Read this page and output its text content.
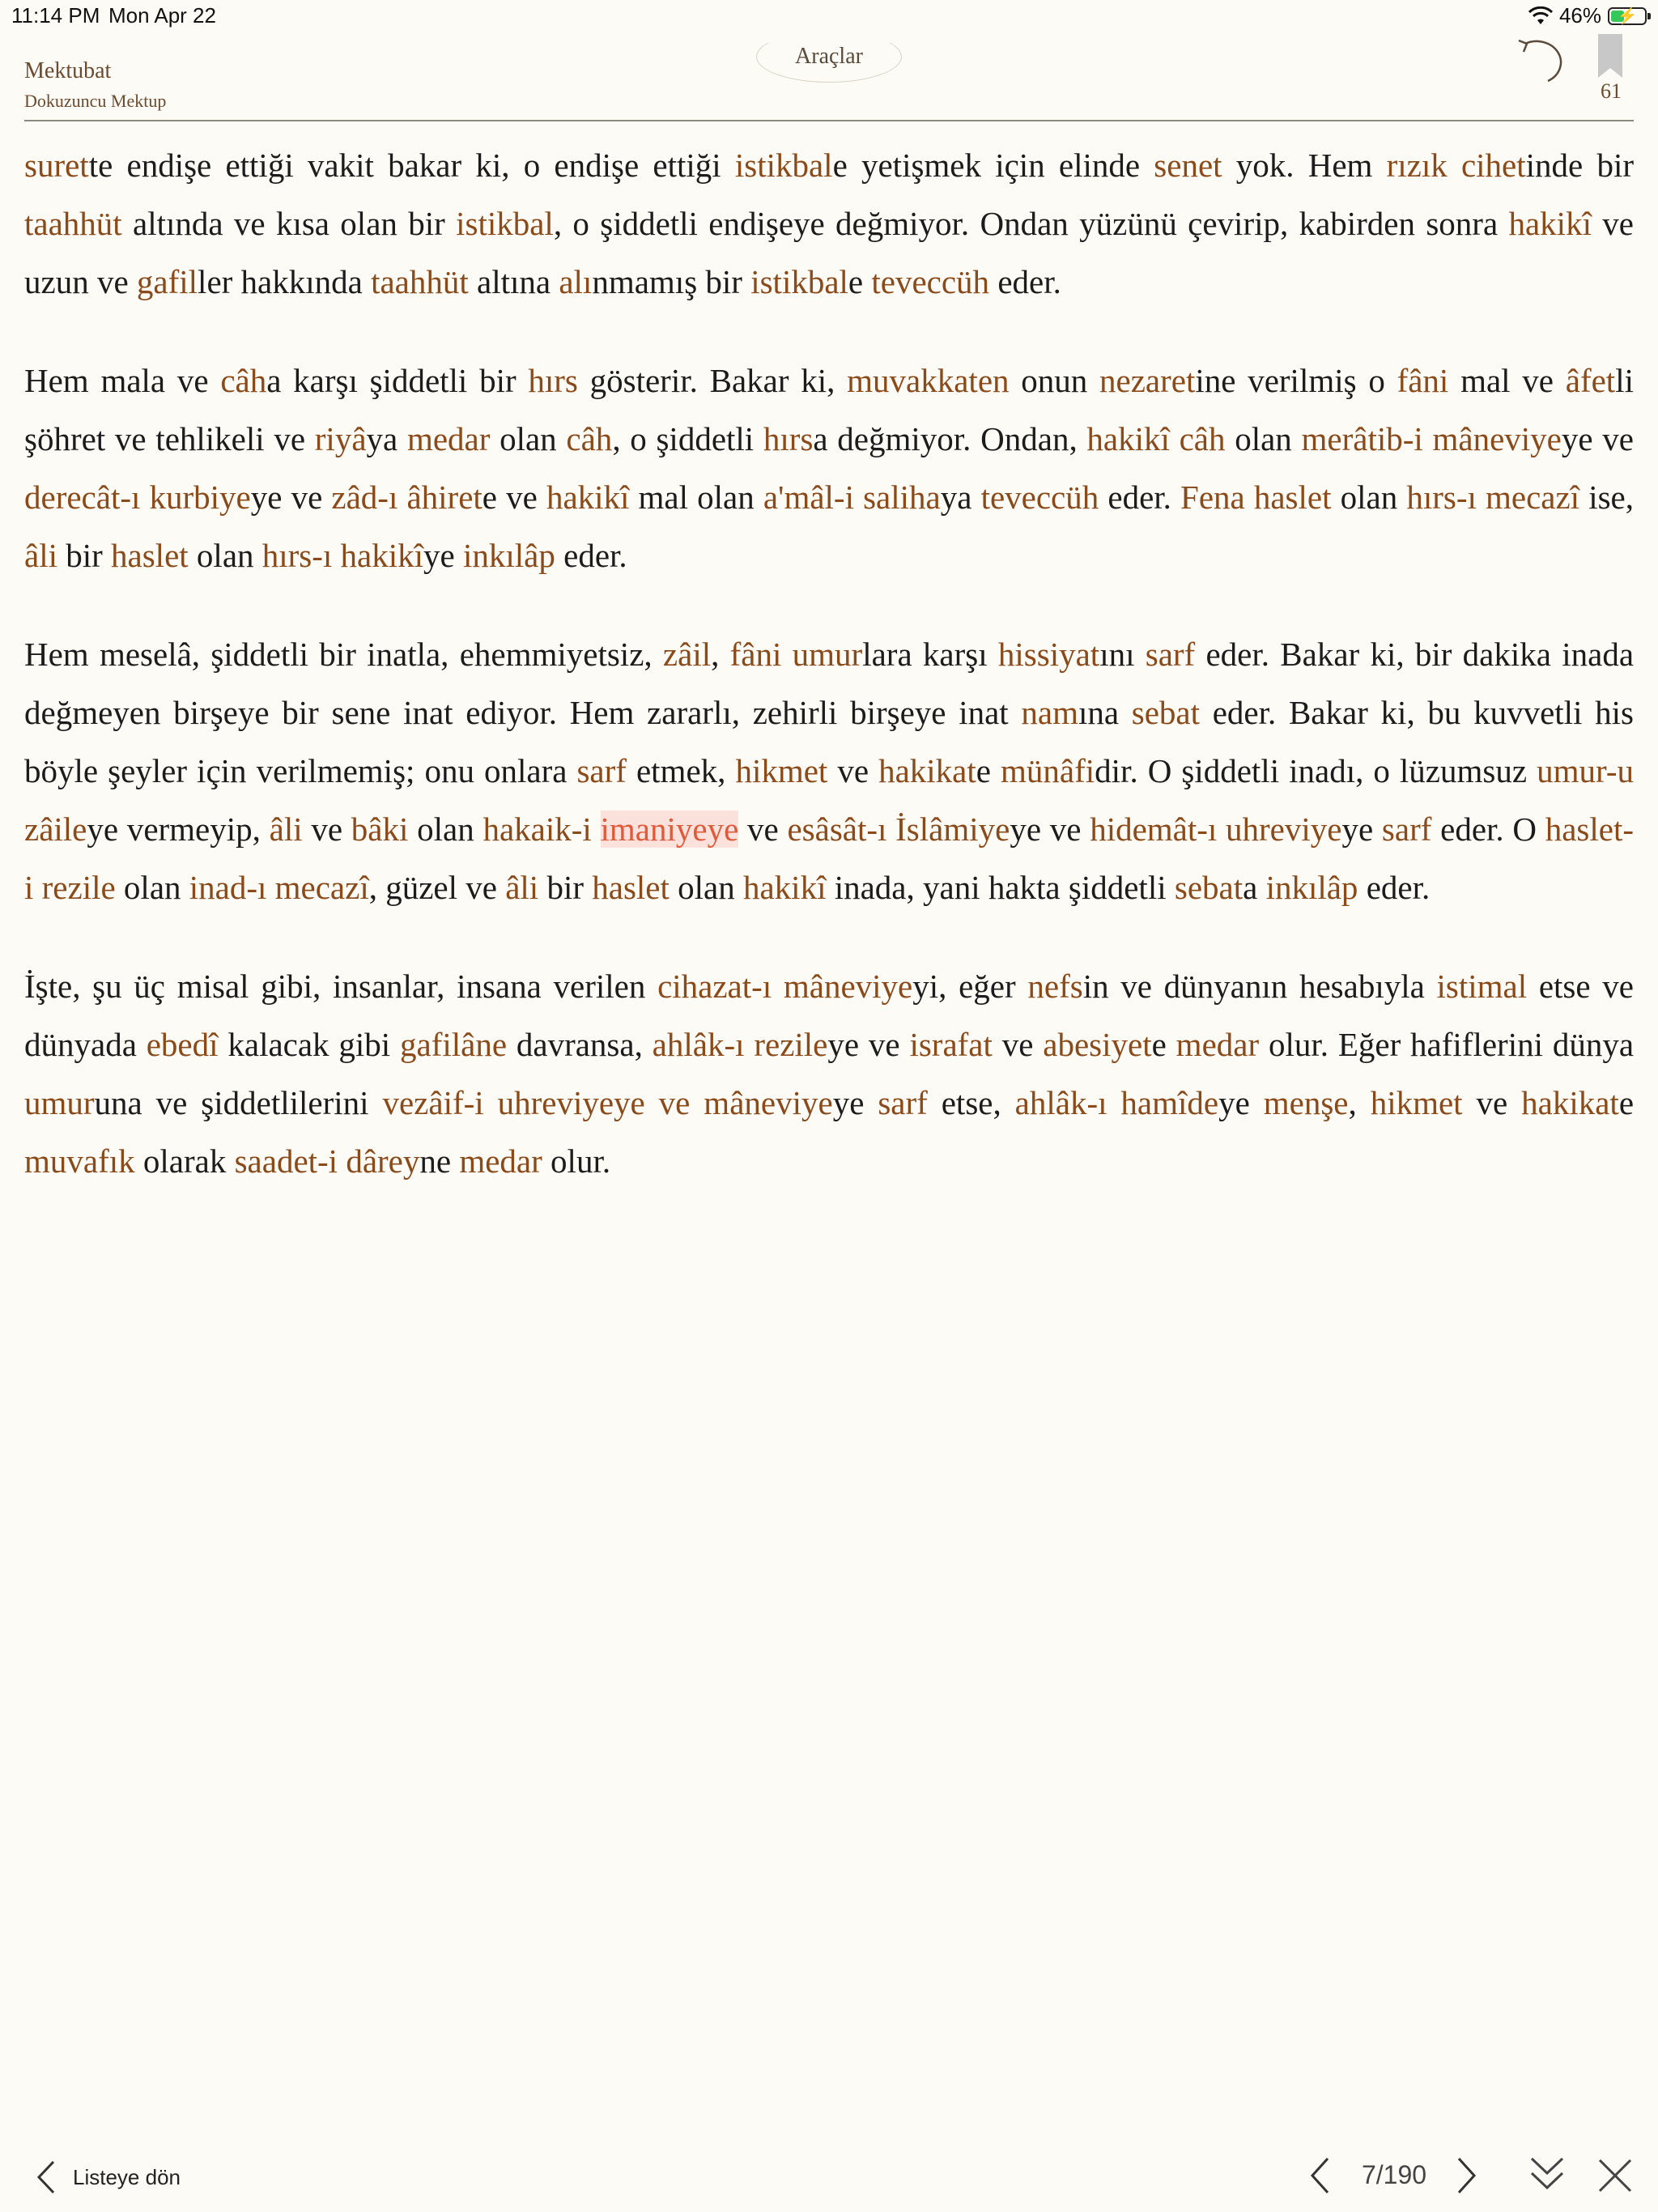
11:14 PM Mon Apr 22	46% ⚡
Mektubat
Dokuzuncu Mektup
Araçlar
61

surette endişe ettiği vakit bakar ki, o endişe ettiği istikbale yetişmek için elinde senet yok. Hem rızık cihetinde bir taahhüt altında ve kısa olan bir istikbal, o şiddetli endişeye değmiyor. Ondan yüzünü çevirip, kabirden sonra hakikî ve uzun ve gafiller hakkında taahhüt altına alınmamış bir istikbale teveccüh eder.

Hem mala ve câha karşı şiddetli bir hırs gösterir. Bakar ki, muvakkaten onun nezaretine verilmiş o fâni mal ve âfetli şöhret ve tehlikeli ve riyâya medar olan câh, o şiddetli hırsa değmiyor. Ondan, hakikî câh olan merâtib-i mâneviyeye ve derecât-ı kurbiyeye ve zâd-ı âhirete ve hakikî mal olan a'mâl-i salihaya teveccüh eder. Fena haslet olan hırs-ı mecazî ise, âli bir haslet olan hırs-ı hakikîye inkılâp eder.

Hem meselâ, şiddetli bir inatla, ehemmiyetsiz, zâil, fâni umurlara karşı hissiyatını sarf eder. Bakar ki, bir dakika inada değmeyen birşeye bir sene inat ediyor. Hem zararlı, zehirli birşeye inat namına sebat eder. Bakar ki, bu kuvvetli his böyle şeyler için verilmemiş; onu onlara sarf etmek, hikmet ve hakikate münâfidir. O şiddetli inadı, o lüzumsuz umur-u zâileye vermeyip, âli ve bâki olan hakaik-i imaniyeye ve esâsât-ı İslâmiyeye ve hidemât-ı uhreviyeye sarf eder. O haslet-i rezile olan inad-ı mecazî, güzel ve âli bir haslet olan hakikî inada, yani hakta şiddetli sebata inkılâp eder.

İşte, şu üç misal gibi, insanlar, insana verilen cihazat-ı mâneviyeyi, eğer nefsin ve dünyanın hesabıyla istimal etse ve dünyada ebedî kalacak gibi gafilâne davransa, ahlâk-ı rezileye ve israfat ve abesiyete medar olur. Eğer hafiflerini dünya umuruna ve şiddetlilerini vezâif-i uhreviyeye ve mâneviyeye sarf etse, ahlâk-ı hamîdeye menşe, hikmet ve hakikate muvafık olarak saadet-i dâreyne medar olur.

Listeye dön	7/190
